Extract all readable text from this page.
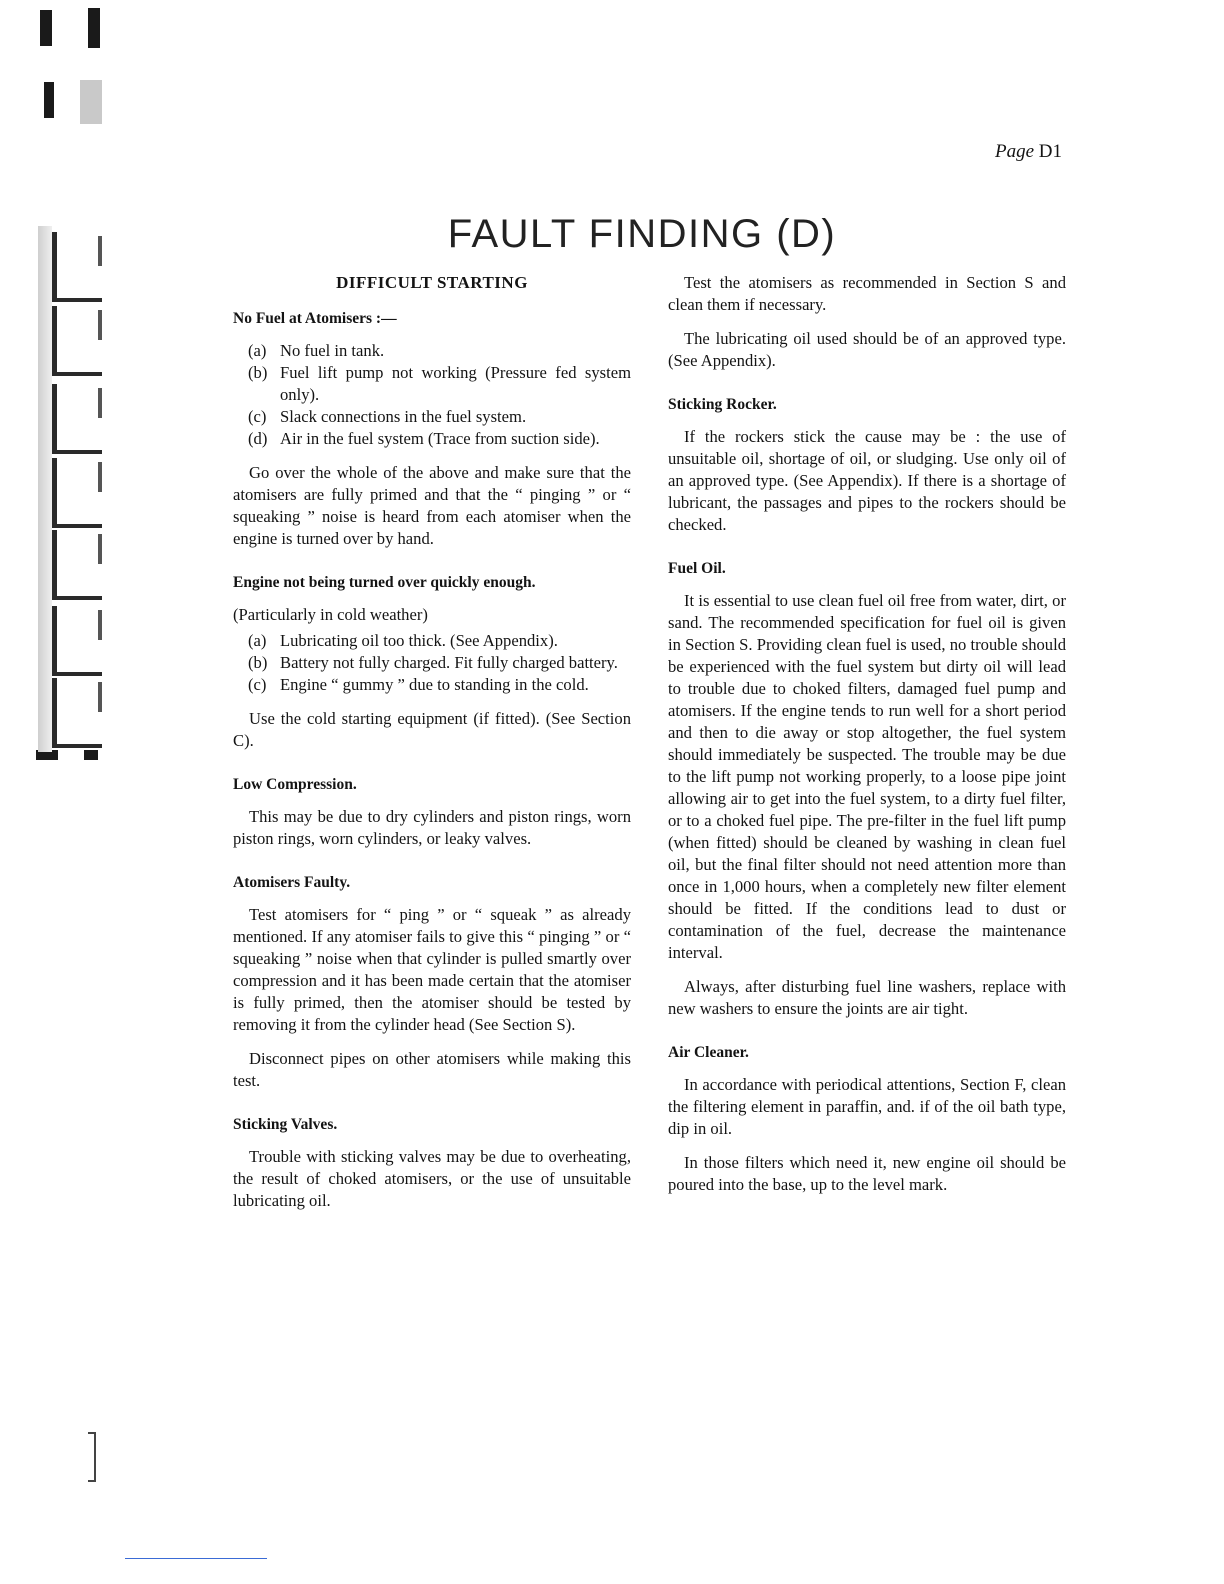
Page D1
FAULT FINDING (D)
DIFFICULT STARTING
No Fuel at Atomisers :—
(a) No fuel in tank.
(b) Fuel lift pump not working (Pressure fed system only).
(c) Slack connections in the fuel system.
(d) Air in the fuel system (Trace from suction side).

Go over the whole of the above and make sure that the atomisers are fully primed and that the “ pinging ” or “ squeaking ” noise is heard from each atomiser when the engine is turned over by hand.

Engine not being turned over quickly enough.

(Particularly in cold weather)

(a) Lubricating oil too thick. (See Appendix).
(b) Battery not fully charged. Fit fully charged battery.
(c) Engine “ gummy ” due to standing in the cold.

Use the cold starting equipment (if fitted). (See Section C).

Low Compression.

This may be due to dry cylinders and piston rings, worn piston rings, worn cylinders, or leaky valves.

Atomisers Faulty.

Test atomisers for “ ping ” or “ squeak ” as already mentioned. If any atomiser fails to give this “ pinging ” or “ squeaking ” noise when that cylinder is pulled smartly over compression and it has been made certain that the atomiser is fully primed, then the atomiser should be tested by removing it from the cylinder head (See Section S).

Disconnect pipes on other atomisers while making this test.

Sticking Valves.

Trouble with sticking valves may be due to overheating, the result of choked atomisers, or the use of unsuitable lubricating oil.

Test the atomisers as recommended in Section S and clean them if necessary.

The lubricating oil used should be of an approved type. (See Appendix).

Sticking Rocker.

If the rockers stick the cause may be : the use of unsuitable oil, shortage of oil, or sludging. Use only oil of an approved type. (See Appendix). If there is a shortage of lubricant, the passages and pipes to the rockers should be checked.

Fuel Oil.

It is essential to use clean fuel oil free from water, dirt, or sand. The recommended specification for fuel oil is given in Section S. Providing clean fuel is used, no trouble should be experienced with the fuel system but dirty oil will lead to trouble due to choked filters, damaged fuel pump and atomisers. If the engine tends to run well for a short period and then to die away or stop altogether, the fuel system should immediately be suspected. The trouble may be due to the lift pump not working properly, to a loose pipe joint allowing air to get into the fuel system, to a dirty fuel filter, or to a choked fuel pipe. The pre-filter in the fuel lift pump (when fitted) should be cleaned by washing in clean fuel oil, but the final filter should not need attention more than once in 1,000 hours, when a completely new filter element should be fitted. If the conditions lead to dust or contamination of the fuel, decrease the maintenance interval.

Always, after disturbing fuel line washers, replace with new washers to ensure the joints are air tight.

Air Cleaner.

In accordance with periodical attentions, Section F, clean the filtering element in paraffin, and. if of the oil bath type, dip in oil.

In those filters which need it, new engine oil should be poured into the base, up to the level mark.
